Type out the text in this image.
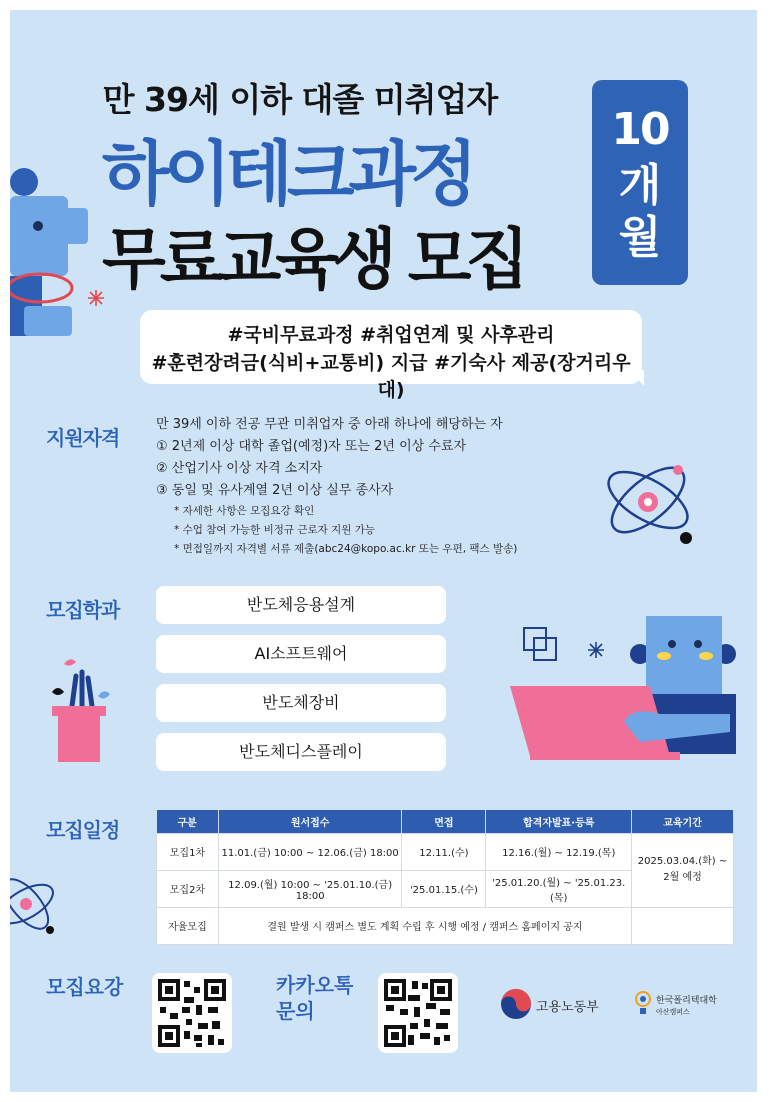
만 39세 이하 대졸 미취업자
하이테크과정
무료교육생 모집
10
개
월
#국비무료과정 #취업연계 및 사후관리
#훈련장려금(식비+교통비) 지급 #기숙사 제공(장거리우대)
지원자격
만 39세 이하 전공 무관 미취업자 중 아래 하나에 해당하는 자
① 2년제 이상 대학 졸업(예정)자 또는 2년 이상 수료자
② 산업기사 이상 자격 소지자
③ 동일 및 유사계열 2년 이상 실무 종사자
* 자세한 사항은 모집요강 확인
* 수업 참여 가능한 비정규 근로자 지원 가능
* 면접일까지 자격별 서류 제출(abc24@kopo.ac.kr 또는 우편, 팩스 발송)
모집학과	반도체응용설계
AI소프트웨어
반도체장비
반도체디스플레이
모집일정	구분	원서접수	면접	합격자발표·등록	교육기간
모집1차	11.01.(금) 10:00 ~ 12.06.(금) 18:00	12.11.(수)	12.16.(월) ~ 12.19.(목)	2025.03.04.(화) ~
2월 예정

모집2차	12.09.(월) 10:00 ~ '25.01.10.(금) 18:00	'25.01.15.(수)	'25.01.20.(월) ~ '25.01.23.(목)	
자율모집	결원 발생 시 캠퍼스 별도 계획 수립 후 시행 예정 / 캠퍼스 홈페이지 공지			
모집요강	카카오톡
문의	고용노동부	한국폴리텍대학
아산캠퍼스
